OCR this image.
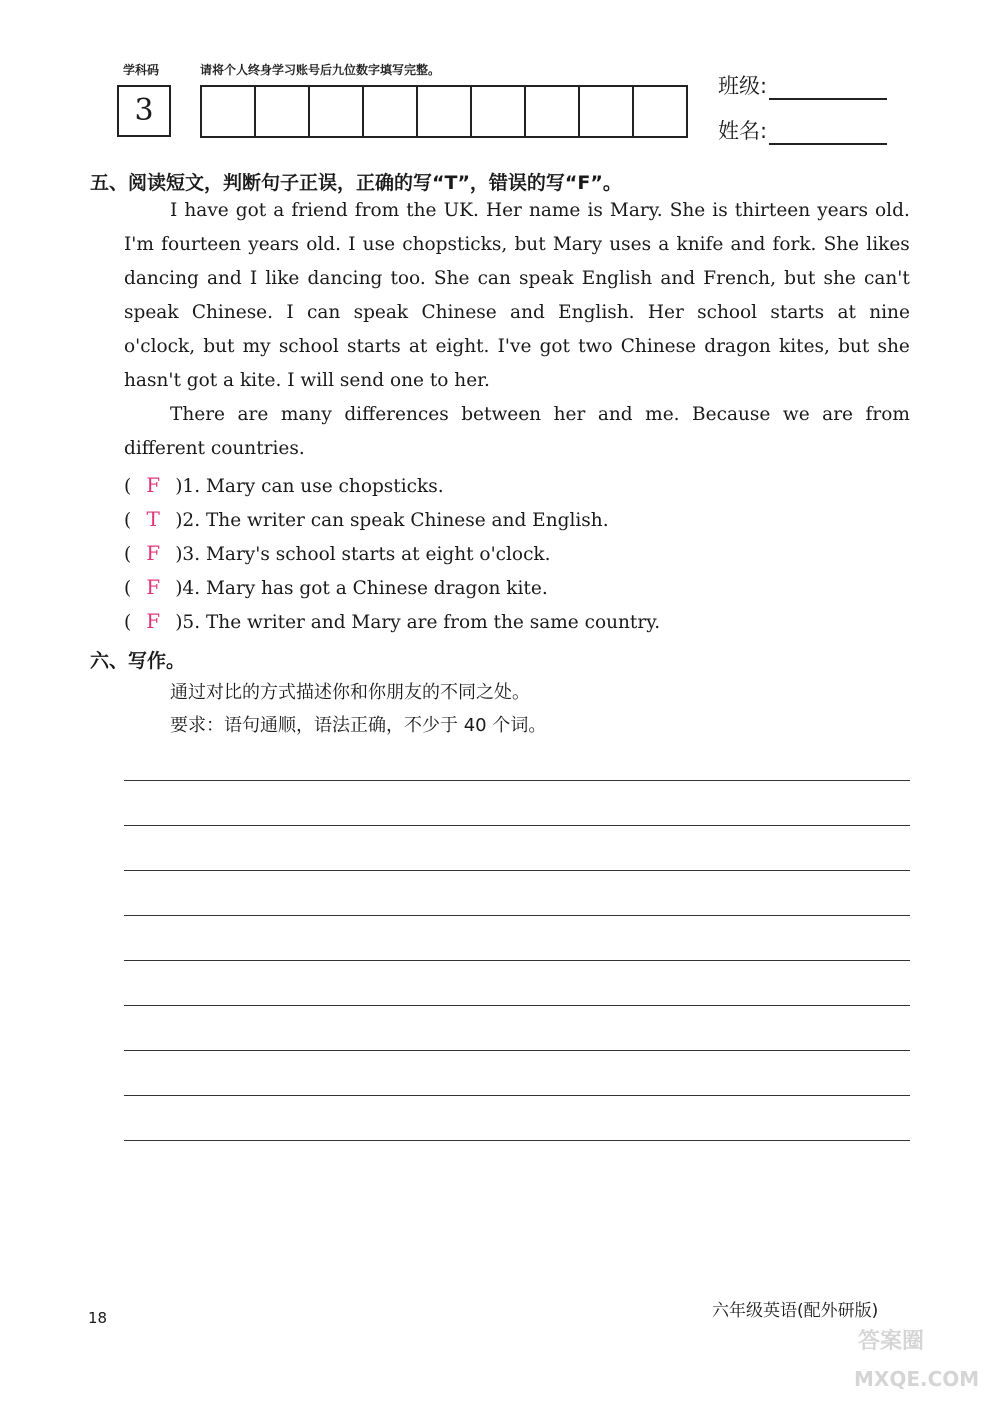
学科码	请将个人终身学习账号后九位数字填写完整。
3
班级:
姓名:
五、阅读短文，判断句子正误，正确的写“T”，错误的写“F”。
I have got a friend from the UK. Her name is Mary. She is thirteen years old.
I'm fourteen years old. I use chopsticks, but Mary uses a knife and fork. She likes
dancing and I like dancing too. She can speak English and French, but she can't
speak Chinese. I can speak Chinese and English. Her school starts at nine
o'clock, but my school starts at eight. I've got two Chinese dragon kites, but she
hasn't got a kite. I will send one to her.
There are many differences between her and me. Because we are from
different countries.
( F )1. Mary can use chopsticks.
( T )2. The writer can speak Chinese and English.
( F )3. Mary's school starts at eight o'clock.
( F )4. Mary has got a Chinese dragon kite.
( F )5. The writer and Mary are from the same country.
六、写作。
通过对比的方式描述你和你朋友的不同之处。
要求：语句通顺，语法正确，不少于 40 个词。
18	六年级英语(配外研版)
答案圈
MXQE.COM
